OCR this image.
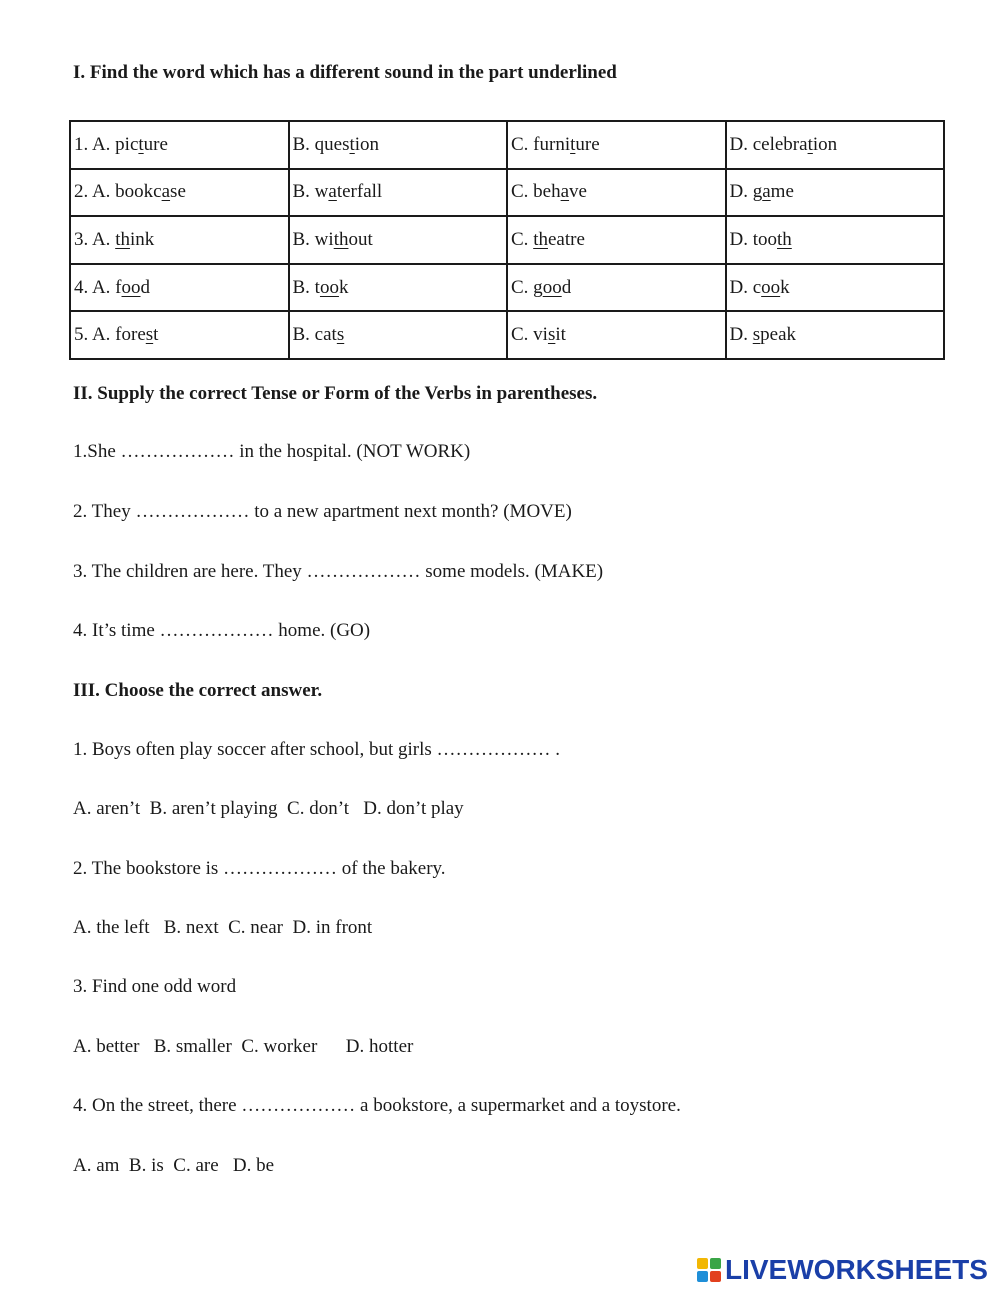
I. Find the word which has a different sound in the part underlined
1. A. picture	B. question	C. furniture	D. celebration
2. A. bookcase	B. waterfall	C. behave	D. game
3. A. think	B. without	C. theatre	D. tooth
4. A. food	B. took	C. good	D. cook
5. A. forest	B. cats	C. visit	D. speak
II. Supply the correct Tense or Form of the Verbs in parentheses.
1.She ……………… in the hospital. (NOT WORK)
2. They ……………… to a new apartment next month? (MOVE)
3. The children are here. They ……………… some models. (MAKE)
4. It’s time ……………… home. (GO)
III. Choose the correct answer.
1. Boys often play soccer after school, but girls ……………… .
A. aren’t  B. aren’t playing  C. don’t   D. don’t play
2. The bookstore is ……………… of the bakery.
A. the left   B. next  C. near  D. in front
3. Find one odd word
A. better   B. smaller  C. worker      D. hotter
4. On the street, there ……………… a bookstore, a supermarket and a toystore.
A. am  B. is  C. are   D. be
LIVEWORKSHEETS
